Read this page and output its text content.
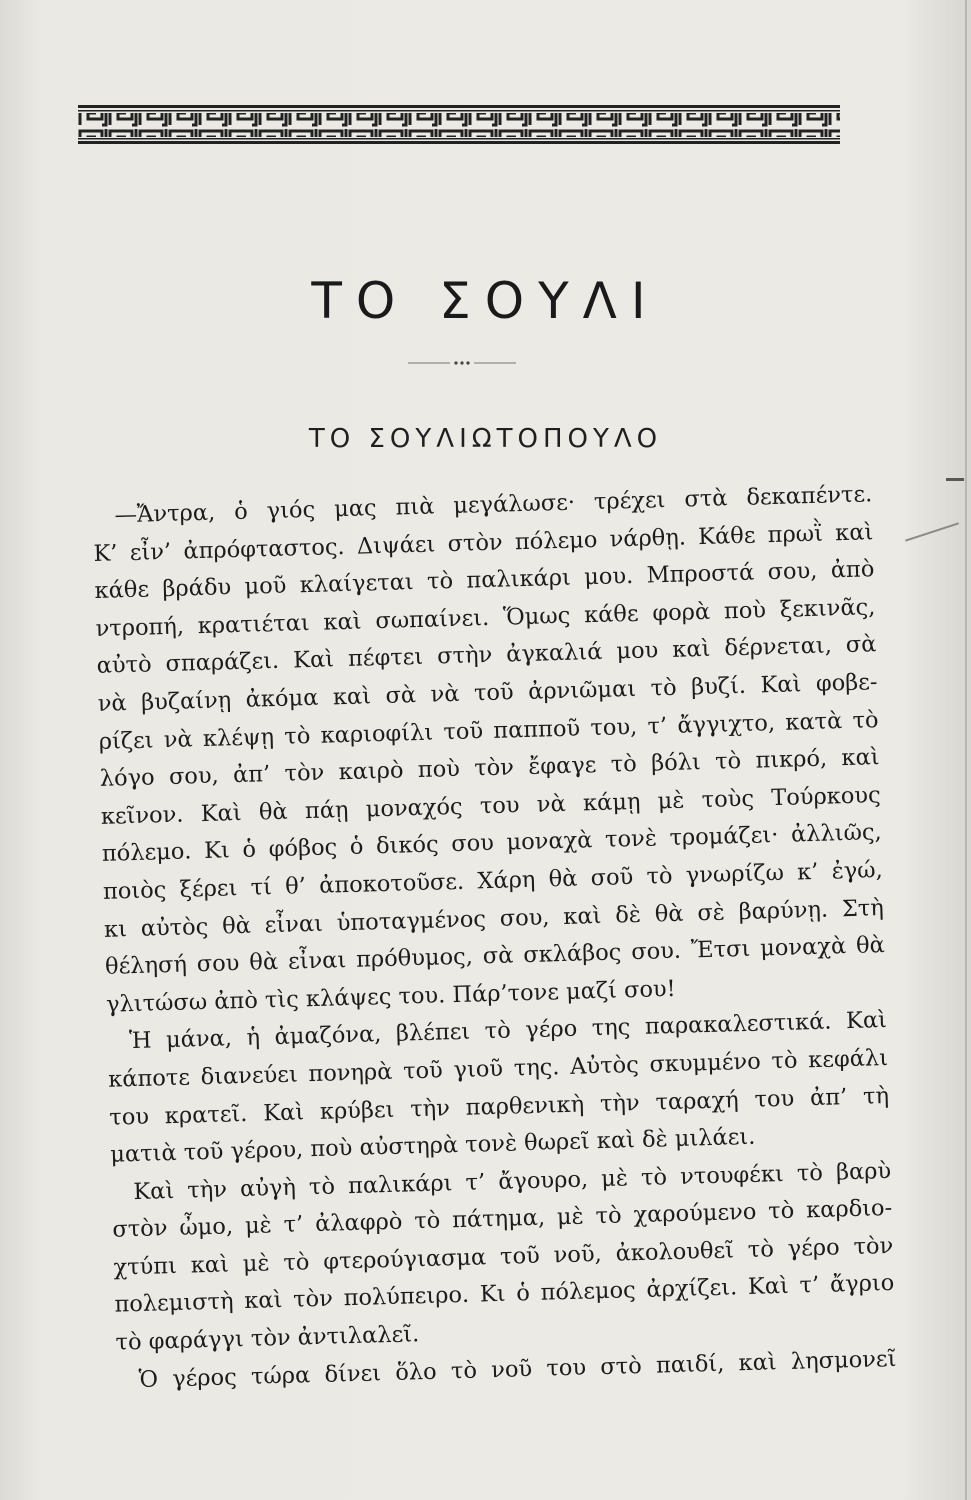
ΤΟ ΣΟΥΛΙ
ΤΟ ΣΟΥΛΙΩΤΟΠΟΥΛΟ
—Ἄντρα, ὁ γιός μας πιὰ μεγάλωσε· τρέχει στὰ δεκαπέντε.
Κ’ εἶν’ ἀπρόφταστος. Διψάει στὸν πόλεμο νάρθῃ. Κάθε πρωῒ καὶ
κάθε βράδυ μοῦ κλαίγεται τὸ παλικάρι μου. Μπροστά σου, ἀπὸ
ντροπή, κρατιέται καὶ σωπαίνει. Ὅμως κάθε φορὰ ποὺ ξεκινᾶς,
αὐτὸ σπαράζει. Καὶ πέφτει στὴν ἀγκαλιά μου καὶ δέρνεται, σὰ
νὰ βυζαίνῃ ἀκόμα καὶ σὰ νὰ τοῦ ἀρνιῶμαι τὸ βυζί. Καὶ φοβε-
ρίζει νὰ κλέψῃ τὸ καριοφίλι τοῦ παπποῦ του, τ’ ἄγγιχτο, κατὰ τὸ
λόγο σου, ἀπ’ τὸν καιρὸ ποὺ τὸν ἔφαγε τὸ βόλι τὸ πικρό, καὶ
κεῖνον. Καὶ θὰ πάῃ μοναχός του νὰ κάμῃ μὲ τοὺς Τούρκους
πόλεμο. Κι ὁ φόβος ὁ δικός σου μοναχὰ τονὲ τρομάζει· ἀλλιῶς,
ποιὸς ξέρει τί θ’ ἀποκοτοῦσε. Χάρη θὰ σοῦ τὸ γνωρίζω κ’ ἐγώ,
κι αὐτὸς θὰ εἶναι ὑποταγμένος σου, καὶ δὲ θὰ σὲ βαρύνῃ. Στὴ
θέλησή σου θὰ εἶναι πρόθυμος, σὰ σκλάβος σου. Ἔτσι μοναχὰ θὰ
γλιτώσω ἀπὸ τὶς κλάψες του. Πάρ’τονε μαζί σου!
Ἡ μάνα, ἡ ἀμαζόνα, βλέπει τὸ γέρο της παρακαλεστικά. Καὶ
κάποτε διανεύει πονηρὰ τοῦ γιοῦ της. Αὐτὸς σκυμμένο τὸ κεφάλι
του κρατεῖ. Καὶ κρύβει τὴν παρθενικὴ τὴν ταραχή του ἀπ’ τὴ
ματιὰ τοῦ γέρου, ποὺ αὐστηρὰ τονὲ θωρεῖ καὶ δὲ μιλάει.
Καὶ τὴν αὐγὴ τὸ παλικάρι τ’ ἄγουρο, μὲ τὸ ντουφέκι τὸ βαρὺ
στὸν ὦμο, μὲ τ’ ἀλαφρὸ τὸ πάτημα, μὲ τὸ χαρούμενο τὸ καρδιο-
χτύπι καὶ μὲ τὸ φτερούγιασμα τοῦ νοῦ, ἀκολουθεῖ τὸ γέρο τὸν
πολεμιστὴ καὶ τὸν πολύπειρο. Κι ὁ πόλεμος ἀρχίζει. Καὶ τ’ ἄγριο
τὸ φαράγγι τὸν ἀντιλαλεῖ.
Ὁ γέρος τώρα δίνει ὅλο τὸ νοῦ του στὸ παιδί, καὶ λησμονεῖ
